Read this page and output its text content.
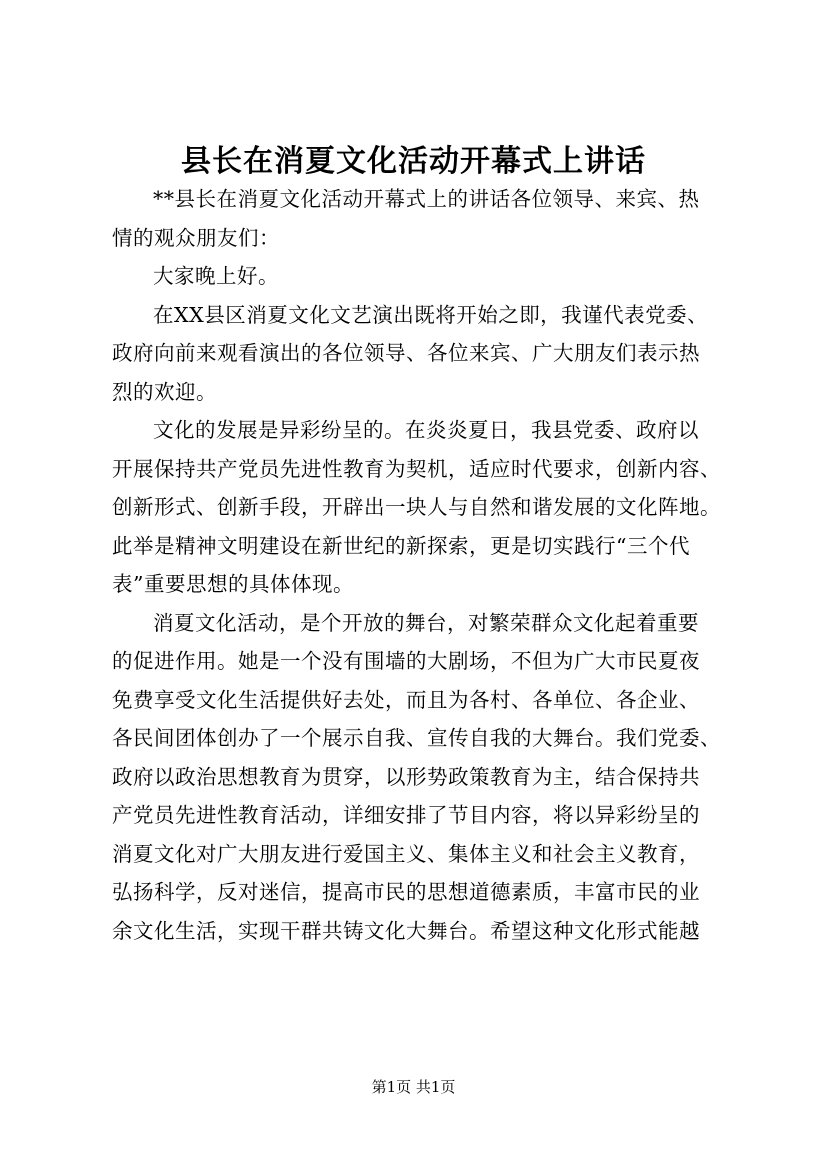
县长在消夏文化活动开幕式上讲话

**县长在消夏文化活动开幕式上的讲话各位领导、来宾、热
情的观众朋友们：

大家晚上好。

在XX县区消夏文化文艺演出既将开始之即，我谨代表党委、
政府向前来观看演出的各位领导、各位来宾、广大朋友们表示热
烈的欢迎。

文化的发展是异彩纷呈的。在炎炎夏日，我县党委、政府以
开展保持共产党员先进性教育为契机，适应时代要求，创新内容、
创新形式、创新手段，开辟出一块人与自然和谐发展的文化阵地。
此举是精神文明建设在新世纪的新探索，更是切实践行“三个代
表”重要思想的具体体现。

消夏文化活动，是个开放的舞台，对繁荣群众文化起着重要
的促进作用。她是一个没有围墙的大剧场，不但为广大市民夏夜
免费享受文化生活提供好去处，而且为各村、各单位、各企业、
各民间团体创办了一个展示自我、宣传自我的大舞台。我们党委、
政府以政治思想教育为贯穿，以形势政策教育为主，结合保持共
产党员先进性教育活动，详细安排了节目内容，将以异彩纷呈的
消夏文化对广大朋友进行爱国主义、集体主义和社会主义教育，
弘扬科学，反对迷信，提高市民的思想道德素质，丰富市民的业
余文化生活，实现干群共铸文化大舞台。希望这种文化形式能越

第1页 共1页
